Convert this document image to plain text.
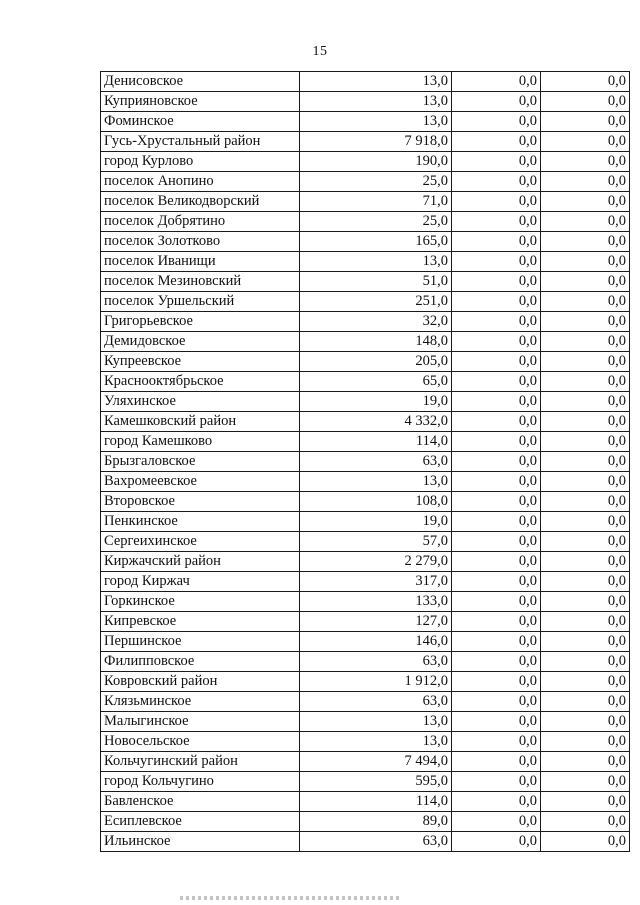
15
Денисовское	13,0	0,0	0,0
Куприяновское	13,0	0,0	0,0
Фоминское	13,0	0,0	0,0
Гусь-Хрустальный район	7 918,0	0,0	0,0
город Курлово	190,0	0,0	0,0
поселок Анопино	25,0	0,0	0,0
поселок Великодворский	71,0	0,0	0,0
поселок Добрятино	25,0	0,0	0,0
поселок Золотково	165,0	0,0	0,0
поселок Иванищи	13,0	0,0	0,0
поселок Мезиновский	51,0	0,0	0,0
поселок Уршельский	251,0	0,0	0,0
Григорьевское	32,0	0,0	0,0
Демидовское	148,0	0,0	0,0
Купреевское	205,0	0,0	0,0
Краснооктябрьское	65,0	0,0	0,0
Уляхинское	19,0	0,0	0,0
Камешковский район	4 332,0	0,0	0,0
город Камешково	114,0	0,0	0,0
Брызгаловское	63,0	0,0	0,0
Вахромеевское	13,0	0,0	0,0
Второвское	108,0	0,0	0,0
Пенкинское	19,0	0,0	0,0
Сергеихинское	57,0	0,0	0,0
Киржачский район	2 279,0	0,0	0,0
город Киржач	317,0	0,0	0,0
Горкинское	133,0	0,0	0,0
Кипревское	127,0	0,0	0,0
Першинское	146,0	0,0	0,0
Филипповское	63,0	0,0	0,0
Ковровский район	1 912,0	0,0	0,0
Клязьминское	63,0	0,0	0,0
Малыгинское	13,0	0,0	0,0
Новосельское	13,0	0,0	0,0
Кольчугинский район	7 494,0	0,0	0,0
город Кольчугино	595,0	0,0	0,0
Бавленское	114,0	0,0	0,0
Есиплевское	89,0	0,0	0,0
Ильинское	63,0	0,0	0,0
